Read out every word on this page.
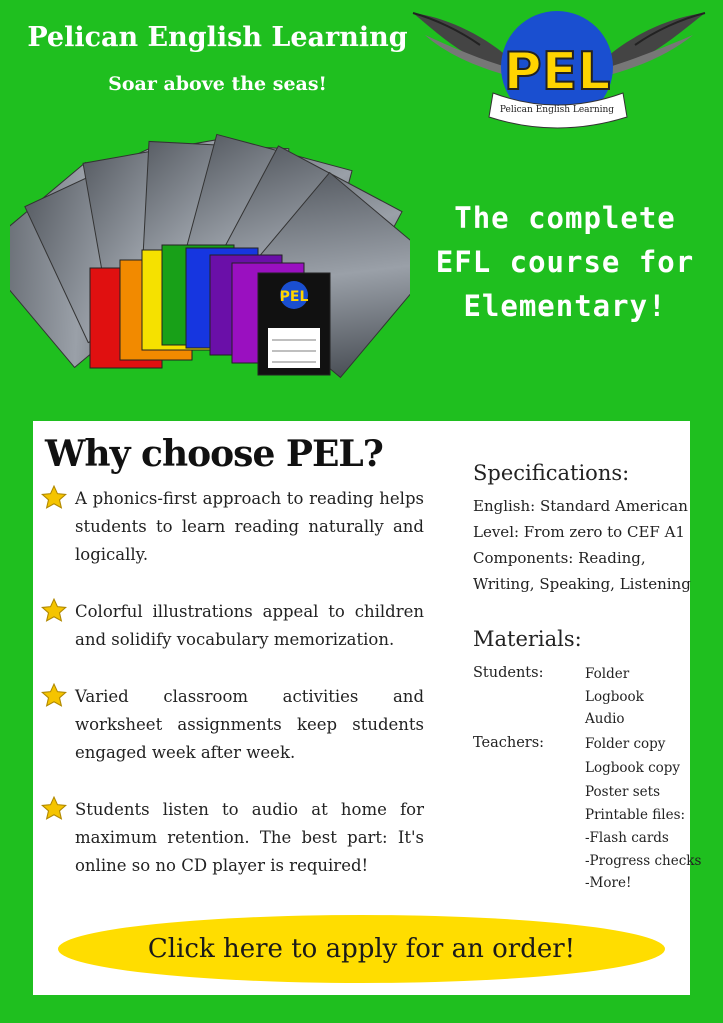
Pelican English Learning
Soar above the seas!	PEL
Pelican English Learning
PEL
The complete
EFL course for
Elementary!
Why choose PEL?
A phonics-first approach to reading helps students to learn reading naturally and logically.
Colorful illustrations appeal to children and solidify vocabulary memorization.
Varied classroom activities and worksheet assignments keep students engaged week after week.
Students listen to audio at home for maximum retention. The best part: It's online so no CD player is required!
Specifications:
English: Standard American
Level: From zero to CEF A1
Components: Reading,
Writing, Speaking, Listening
Materials:
Students:	Folder
Logbook
Audio
Teachers:	Folder copy
Logbook copy
Poster sets
Printable files:
-Flash cards
-Progress checks
-More!
Click here to apply for an order!
